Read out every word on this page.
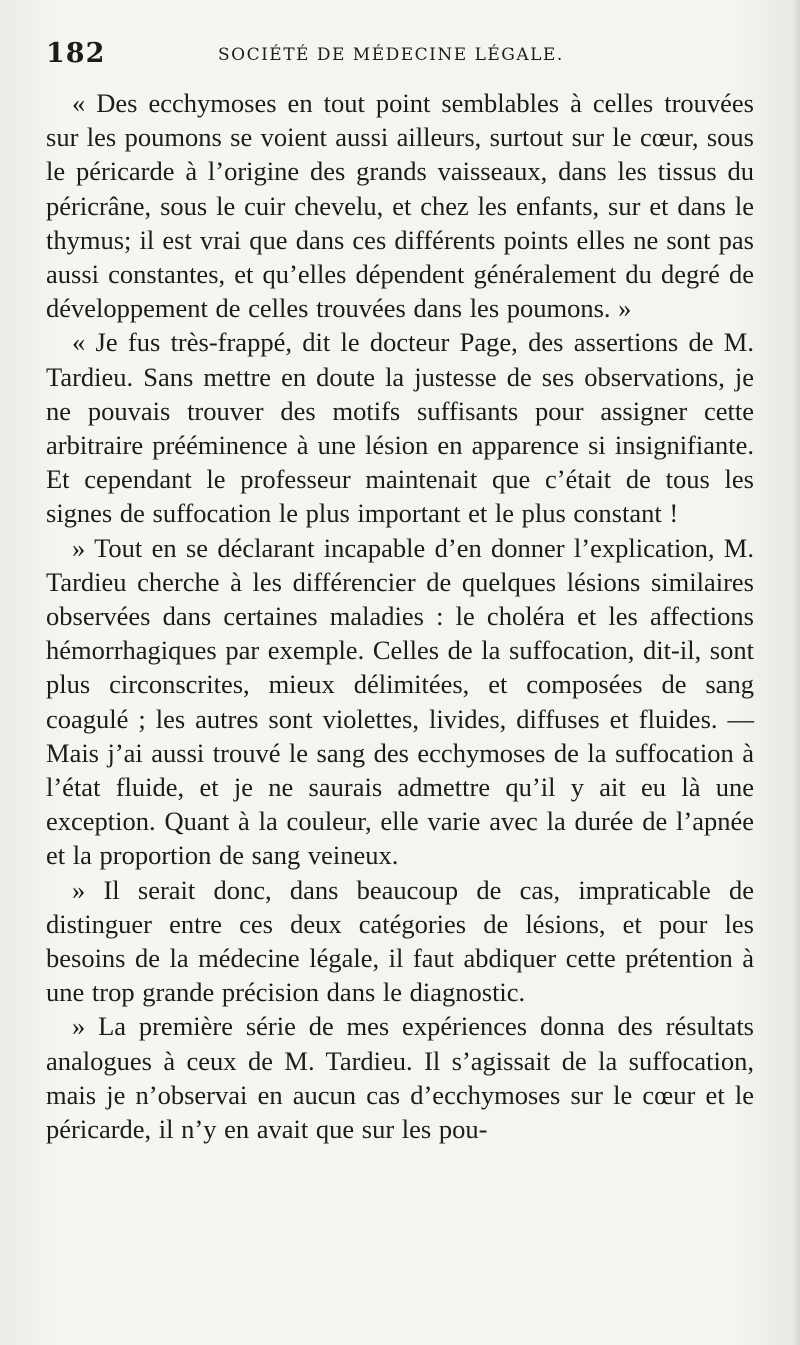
182	SOCIÉTÉ DE MÉDECINE LÉGALE.

« Des ecchymoses en tout point semblables à celles trouvées sur les poumons se voient aussi ailleurs, surtout sur le cœur, sous le péricarde à l’origine des grands vaisseaux, dans les tissus du péricrâne, sous le cuir chevelu, et chez les enfants, sur et dans le thymus; il est vrai que dans ces différents points elles ne sont pas aussi constantes, et qu’elles dépendent généralement du degré de développement de celles trouvées dans les poumons. »

« Je fus très-frappé, dit le docteur Page, des assertions de M. Tardieu. Sans mettre en doute la justesse de ses observations, je ne pouvais trouver des motifs suffisants pour assigner cette arbitraire prééminence à une lésion en apparence si insignifiante. Et cependant le professeur maintenait que c’était de tous les signes de suffocation le plus important et le plus constant !

» Tout en se déclarant incapable d’en donner l’explication, M. Tardieu cherche à les différencier de quelques lésions similaires observées dans certaines maladies : le choléra et les affections hémorrhagiques par exemple. Celles de la suffocation, dit-il, sont plus circonscrites, mieux délimitées, et composées de sang coagulé ; les autres sont violettes, livides, diffuses et fluides. — Mais j’ai aussi trouvé le sang des ecchymoses de la suffocation à l’état fluide, et je ne saurais admettre qu’il y ait eu là une exception. Quant à la couleur, elle varie avec la durée de l’apnée et la proportion de sang veineux.

» Il serait donc, dans beaucoup de cas, impraticable de distinguer entre ces deux catégories de lésions, et pour les besoins de la médecine légale, il faut abdiquer cette prétention à une trop grande précision dans le diagnostic.

» La première série de mes expériences donna des résultats analogues à ceux de M. Tardieu. Il s’agissait de la suffocation, mais je n’observai en aucun cas d’ecchymoses sur le cœur et le péricarde, il n’y en avait que sur les pou-
